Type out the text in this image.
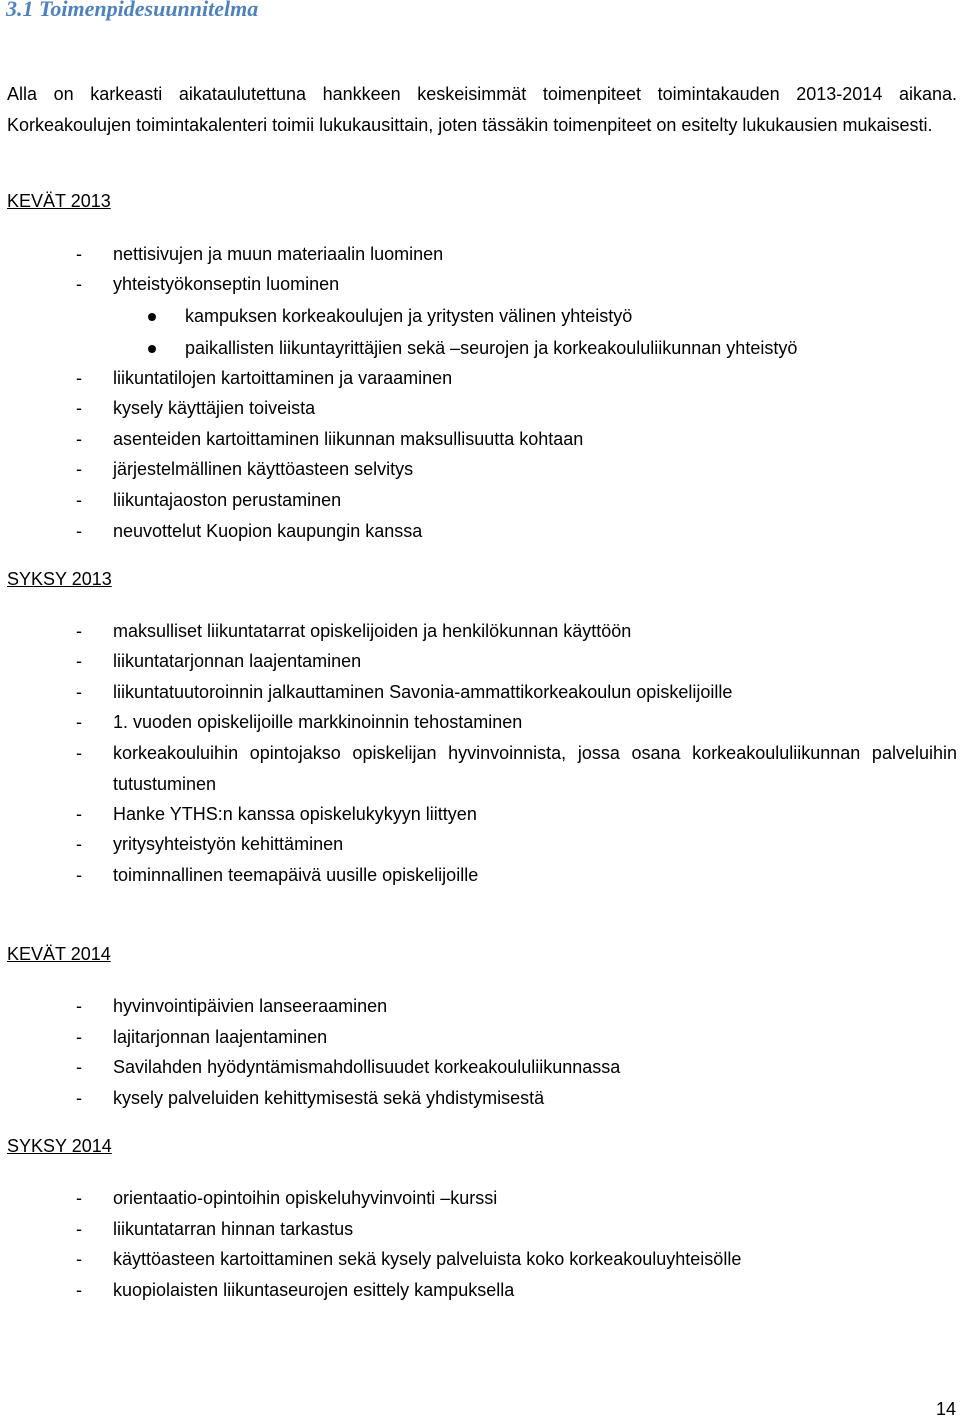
3.1 Toimenpidesuunnitelma
Alla on karkeasti aikataulutettuna hankkeen keskeisimmät toimenpiteet toimintakauden 2013-2014 aikana. Korkeakoulujen toimintakalenteri toimii lukukausittain, joten tässäkin toimenpiteet on esitelty lukukausien mukaisesti.
KEVÄT 2013
- nettisivujen ja muun materiaalin luominen
- yhteistyökonseptin luominen
kampuksen korkeakoulujen ja yritysten välinen yhteistyö
paikallisten liikuntayrittäjien sekä –seurojen ja korkeakoululiikunnan yhteistyö
- liikuntatilojen kartoittaminen ja varaaminen
- kysely käyttäjien toiveista
- asenteiden kartoittaminen liikunnan maksullisuutta kohtaan
- järjestelmällinen käyttöasteen selvitys
- liikuntajaoston perustaminen
- neuvottelut Kuopion kaupungin kanssa
SYKSY 2013
- maksulliset liikuntatarrat opiskelijoiden ja henkilökunnan käyttöön
- liikuntatarjonnan laajentaminen
- liikuntatuutoroinnin jalkauttaminen Savonia-ammattikorkeakoulun opiskelijoille
- 1. vuoden opiskelijoille markkinoinnin tehostaminen
- korkeakouluihin opintojakso opiskelijan hyvinvoinnista, jossa osana korkeakoululiikunnan palveluihin tutustuminen
- Hanke YTHS:n kanssa opiskelukykyyn liittyen
- yritysyhteistyön kehittäminen
- toiminnallinen teemapäivä uusille opiskelijoille
KEVÄT 2014
- hyvinvointipäivien lanseeraaminen
- lajitarjonnan laajentaminen
- Savilahden hyödyntämismahdollisuudet korkeakoululiikunnassa
- kysely palveluiden kehittymisestä sekä yhdistymisestä
SYKSY 2014
- orientaatio-opintoihin opiskeluhyvinvointi –kurssi
- liikuntatarran hinnan tarkastus
- käyttöasteen kartoittaminen sekä kysely palveluista koko korkeakouluyhteisölle
- kuopiolaisten liikuntaseurojen esittely kampuksella
14
